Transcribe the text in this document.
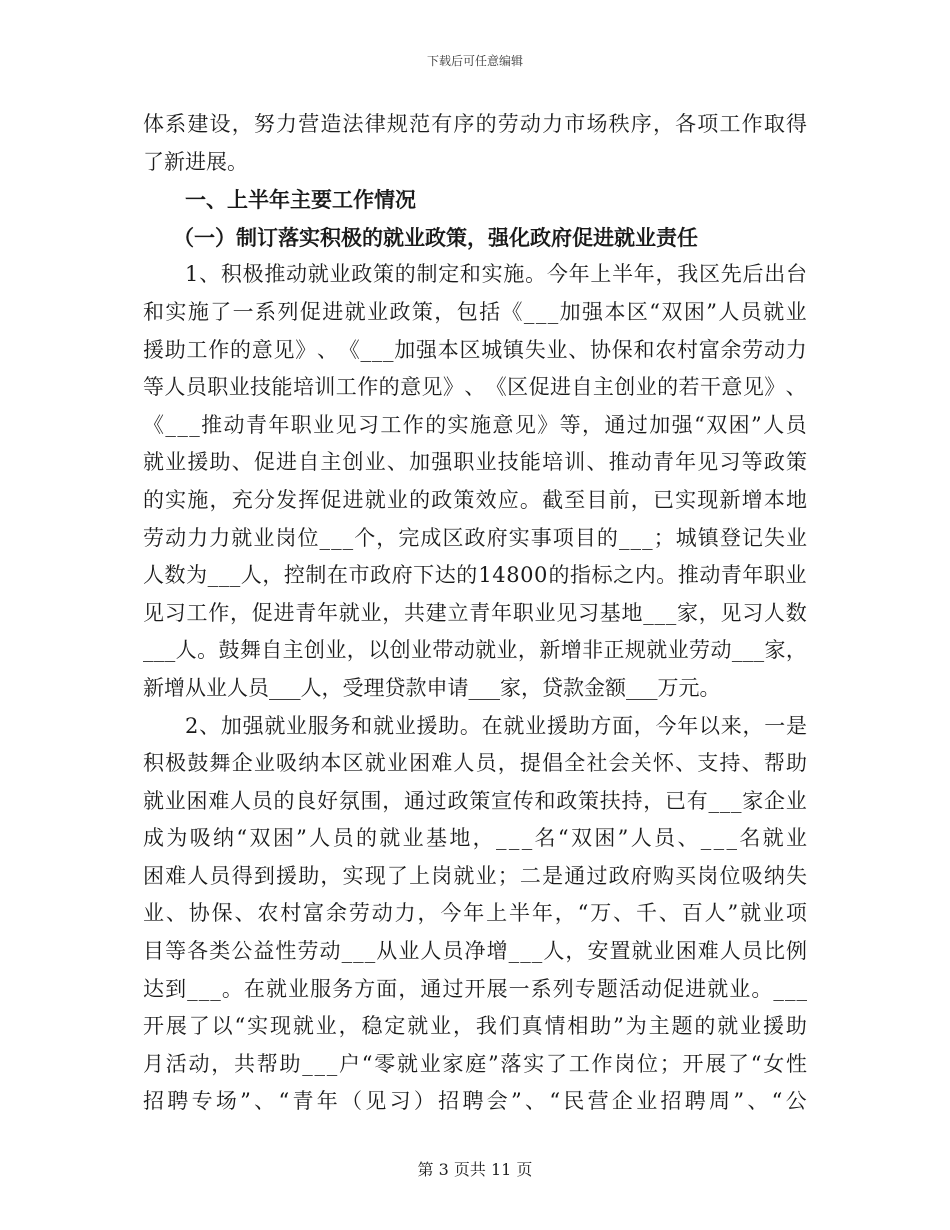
下载后可任意编辑
体 系 建 设 ， 努 力 营 造 法 律 规 范 有 序 的 劳 动 力 市 场 秩 序 ， 各 项 工 作 取 得
了新进展。
一、上半年主要工作情况
（一）制订落实积极的就业政策，强化政府促进就业责任
1 、 积 极 推 动 就 业 政 策 的 制 定 和 实 施 。 今 年 上 半 年 ， 我 区 先 后 出 台
和 实 施 了 一 系 列 促 进 就 业 政 策 ， 包 括 《 _ _ _ 加 强 本 区 “ 双 困 ” 人 员 就 业
援 助 工 作 的 意 见 》 、 《 _ _ _ 加 强 本 区 城 镇 失 业 、 协 保 和 农 村 富 余 劳 动 力
等 人 员 职 业 技 能 培 训 工 作 的 意 见 》 、 《 区 促 进 自 主 创 业 的 若 干 意 见 》 、
《 _ _ _ 推 动 青 年 职 业 见 习 工 作 的 实 施 意 见 》 等 ， 通 过 加 强 “ 双 困 ” 人 员
就 业 援 助 、 促 进 自 主 创 业 、 加 强 职 业 技 能 培 训 、 推 动 青 年 见 习 等 政 策
的 实 施 ， 充 分 发 挥 促 进 就 业 的 政 策 效 应 。 截 至 目 前 ， 已 实 现 新 增 本 地
劳 动 力 力 就 业 岗 位 _ _ _ 个 ， 完 成 区 政 府 实 事 项 目 的 _ _ _ ； 城 镇 登 记 失 业
人 数 为 _ _ _ 人 ， 控 制 在 市 政 府 下 达 的 1 4 8 0 0 的 指 标 之 内 。 推 动 青 年 职 业
见 习 工 作 ， 促 进 青 年 就 业 ， 共 建 立 青 年 职 业 见 习 基 地 _ _ _ 家 ， 见 习 人 数
_ _ _ 人 。 鼓 舞 自 主 创 业 ， 以 创 业 带 动 就 业 ， 新 增 非 正 规 就 业 劳 动 _ _ _ 家 ，
新增从业人员___人，受理贷款申请___家，贷款金额___万元。
2 、 加 强 就 业 服 务 和 就 业 援 助 。 在 就 业 援 助 方 面 ， 今 年 以 来 ， 一 是
积 极 鼓 舞 企 业 吸 纳 本 区 就 业 困 难 人 员 ， 提 倡 全 社 会 关 怀 、 支 持 、 帮 助
就 业 困 难 人 员 的 良 好 氛 围 ， 通 过 政 策 宣 传 和 政 策 扶 持 ， 已 有 _ _ _ 家 企 业
成 为 吸 纳 “ 双 困 ” 人 员 的 就 业 基 地 ， _ _ _ 名 “ 双 困 ” 人 员 、 _ _ _ 名 就 业
困 难 人 员 得 到 援 助 ， 实 现 了 上 岗 就 业 ； 二 是 通 过 政 府 购 买 岗 位 吸 纳 失
业 、 协 保 、 农 村 富 余 劳 动 力 ， 今 年 上 半 年 ， “ 万 、 千 、 百 人 ” 就 业 项
目 等 各 类 公 益 性 劳 动 _ _ _ 从 业 人 员 净 增 _ _ _ 人 ， 安 置 就 业 困 难 人 员 比 例
达 到 _ _ _ 。 在 就 业 服 务 方 面 ， 通 过 开 展 一 系 列 专 题 活 动 促 进 就 业 。 _ _ _
开 展 了 以 “ 实 现 就 业 ， 稳 定 就 业 ， 我 们 真 情 相 助 ” 为 主 题 的 就 业 援 助
月 活 动 ， 共 帮 助 _ _ _ 户 “ 零 就 业 家 庭 ” 落 实 了 工 作 岗 位 ； 开 展 了 “ 女 性
招 聘 专 场 ” 、 “ 青 年 （ 见 习 ） 招 聘 会 ” 、 “ 民 营 企 业 招 聘 周 ” 、 “ 公
第 3 页共 11 页
